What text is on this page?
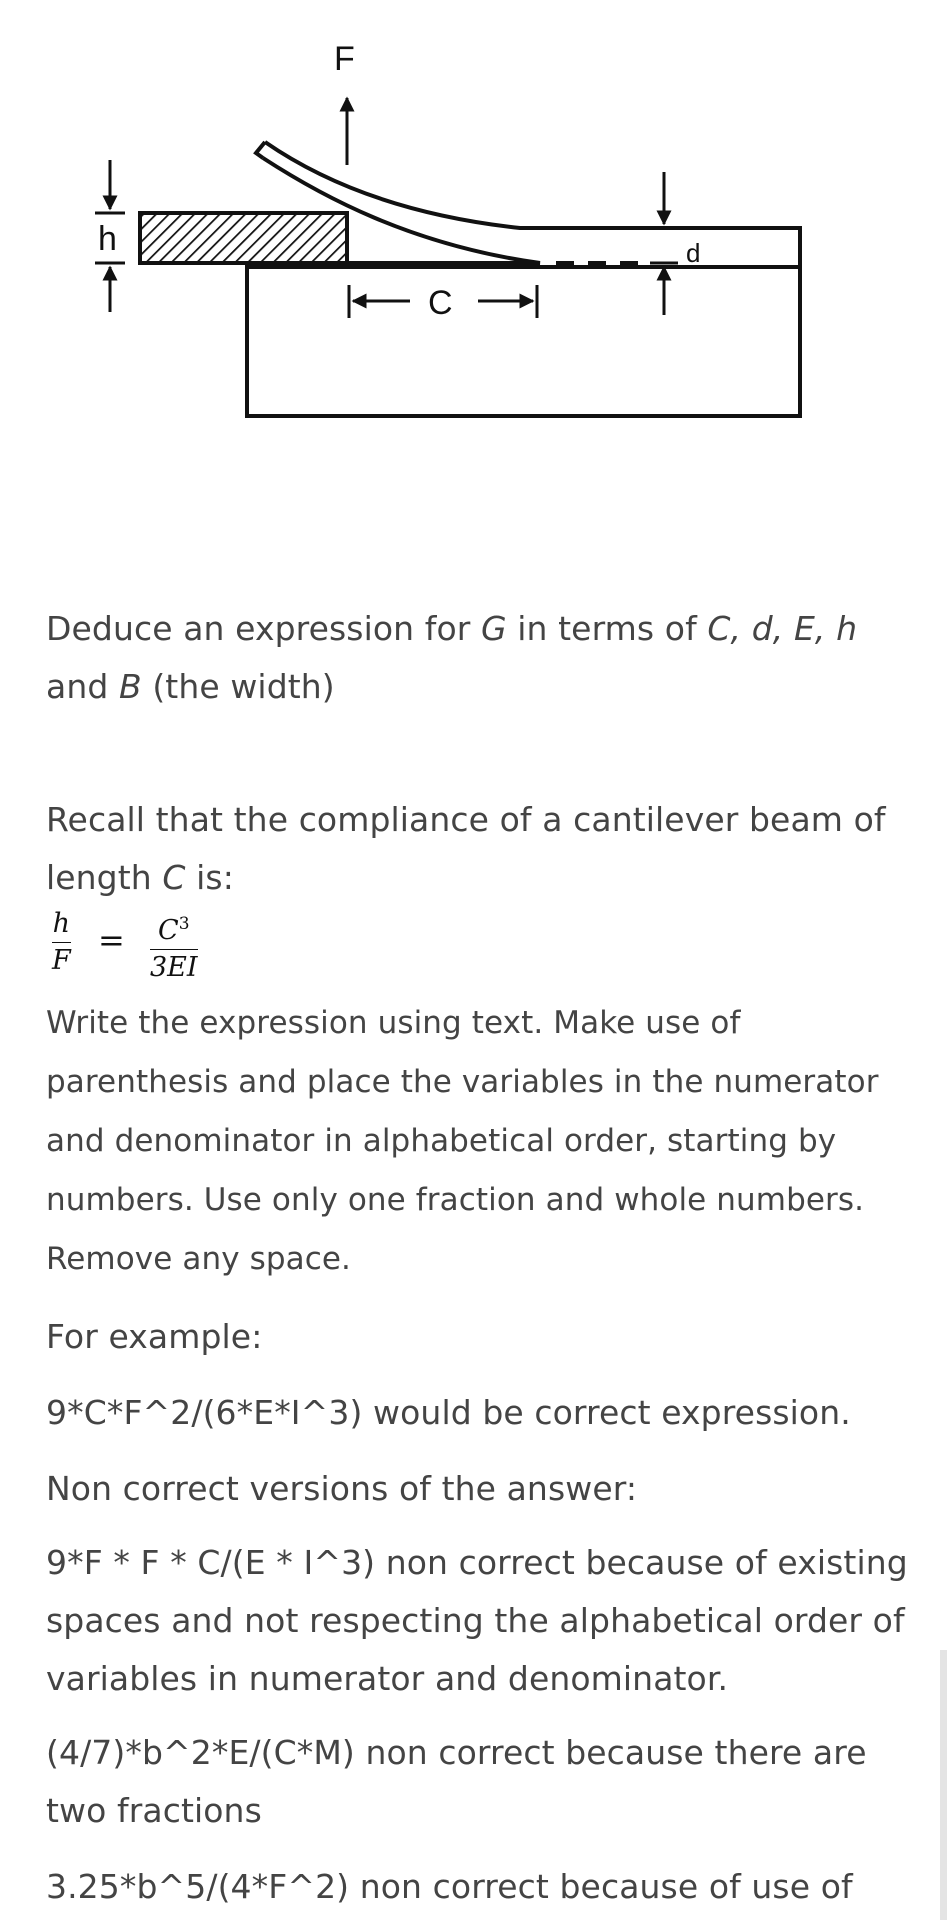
F
h
C
d

Deduce an expression for G in terms of C, d, E, h
and B (the width)

Recall that the compliance of a cantilever beam of length C is:

h
F
= $C^3$
3EI

Write the expression using text. Make use of parenthesis and place the variables in the numerator and denominator in alphabetical order, starting by numbers. Use only one fraction and whole numbers. Remove any space.

For example:

9*C*F^2/(6*E*I^3) would be correct expression.

Non correct versions of the answer:

9*F * F * C/(E * I^3) non correct because of existing spaces and not respecting the alphabetical order of variables in numerator and denominator.

(4/7)*b^2*E/(C*M) non correct because there are two fractions

3.25*b^5/(4*F^2) non correct because of use of
